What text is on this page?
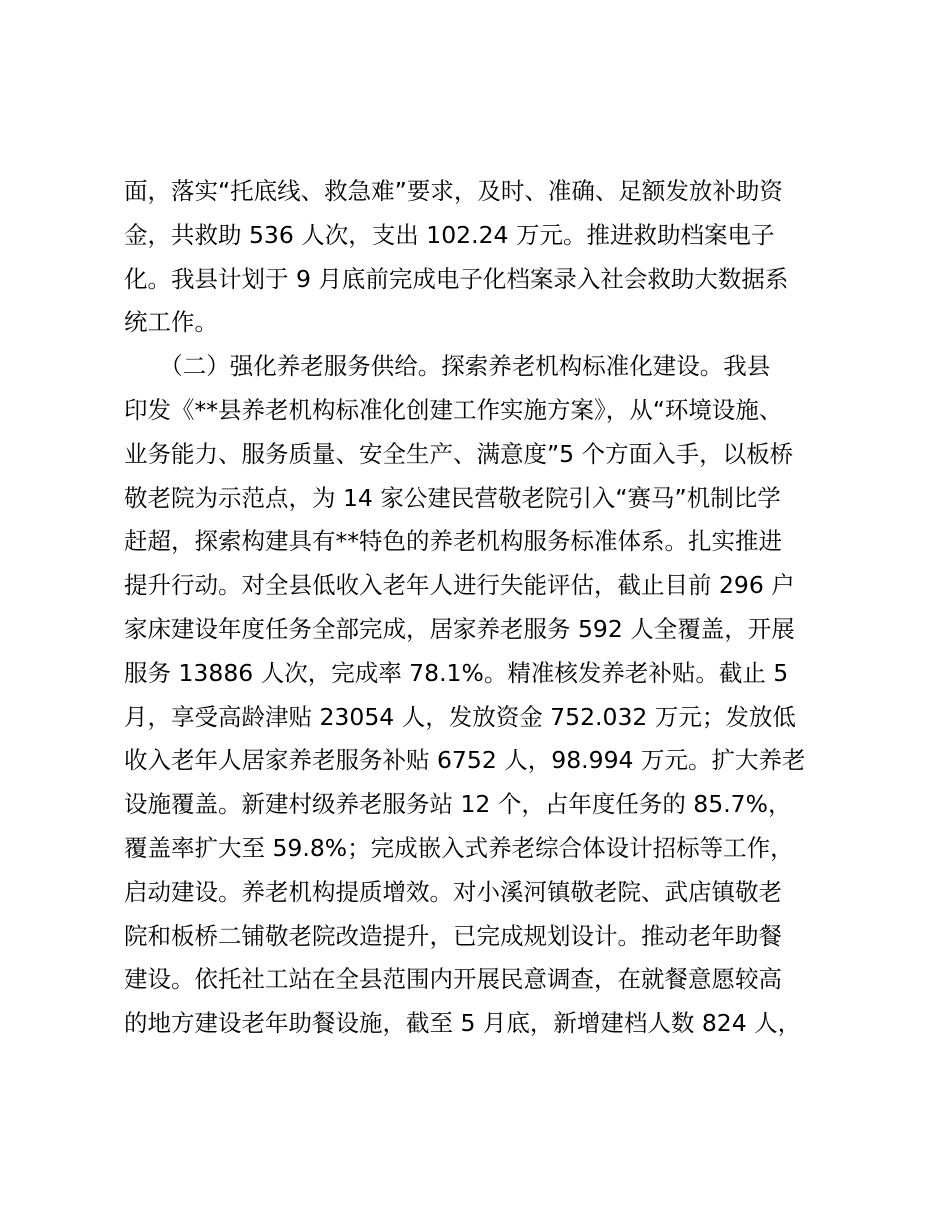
面，落实“托底线、救急难”要求，及时、准确、足额发放补助资
金，共救助 536 人次，支出 102.24 万元。推进救助档案电子
化。我县计划于 9 月底前完成电子化档案录入社会救助大数据系
统工作。
　　（二）强化养老服务供给。探索养老机构标准化建设。我县
印发《**县养老机构标准化创建工作实施方案》，从“环境设施、
业务能力、服务质量、安全生产、满意度”5 个方面入手，以板桥
敬老院为示范点，为 14 家公建民营敬老院引入“赛马”机制比学
赶超，探索构建具有**特色的养老机构服务标准体系。扎实推进
提升行动。对全县低收入老年人进行失能评估，截止目前 296 户
家床建设年度任务全部完成，居家养老服务 592 人全覆盖，开展
服务 13886 人次，完成率 78.1%。精准核发养老补贴。截止 5
月，享受高龄津贴 23054 人，发放资金 752.032 万元；发放低
收入老年人居家养老服务补贴 6752 人，98.994 万元。扩大养老
设施覆盖。新建村级养老服务站 12 个，占年度任务的 85.7%，
覆盖率扩大至 59.8%；完成嵌入式养老综合体设计招标等工作，
启动建设。养老机构提质增效。对小溪河镇敬老院、武店镇敬老
院和板桥二铺敬老院改造提升，已完成规划设计。推动老年助餐
建设。依托社工站在全县范围内开展民意调查，在就餐意愿较高
的地方建设老年助餐设施，截至 5 月底，新增建档人数 824 人，
